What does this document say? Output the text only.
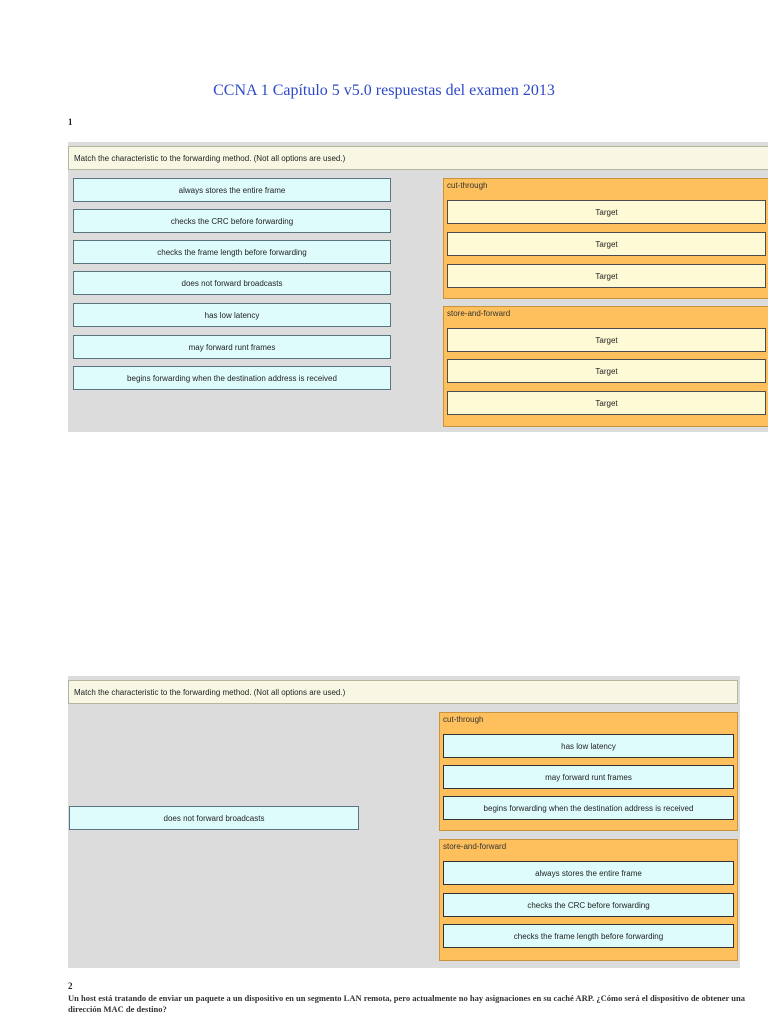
CCNA 1 Capítulo 5 v5.0 respuestas del examen 2013
1
Match the characteristic to the forwarding method. (Not all options are used.)
always stores the entire frame
checks the CRC before forwarding
checks the frame length before forwarding
does not forward broadcasts
has low latency
may forward runt frames
begins forwarding when the destination address is received
cut-through
Target
Target
Target
store-and-forward
Target
Target
Target
Match the characteristic to the forwarding method. (Not all options are used.)
does not forward broadcasts
cut-through
has low latency
may forward runt frames
begins forwarding when the destination address is received
store-and-forward
always stores the entire frame
checks the CRC before forwarding
checks the frame length before forwarding
2
Un host está tratando de enviar un paquete a un dispositivo en un segmento LAN remota, pero actualmente no hay asignaciones en su caché ARP. ¿Cómo será el dispositivo de obtener una dirección MAC de destino?
